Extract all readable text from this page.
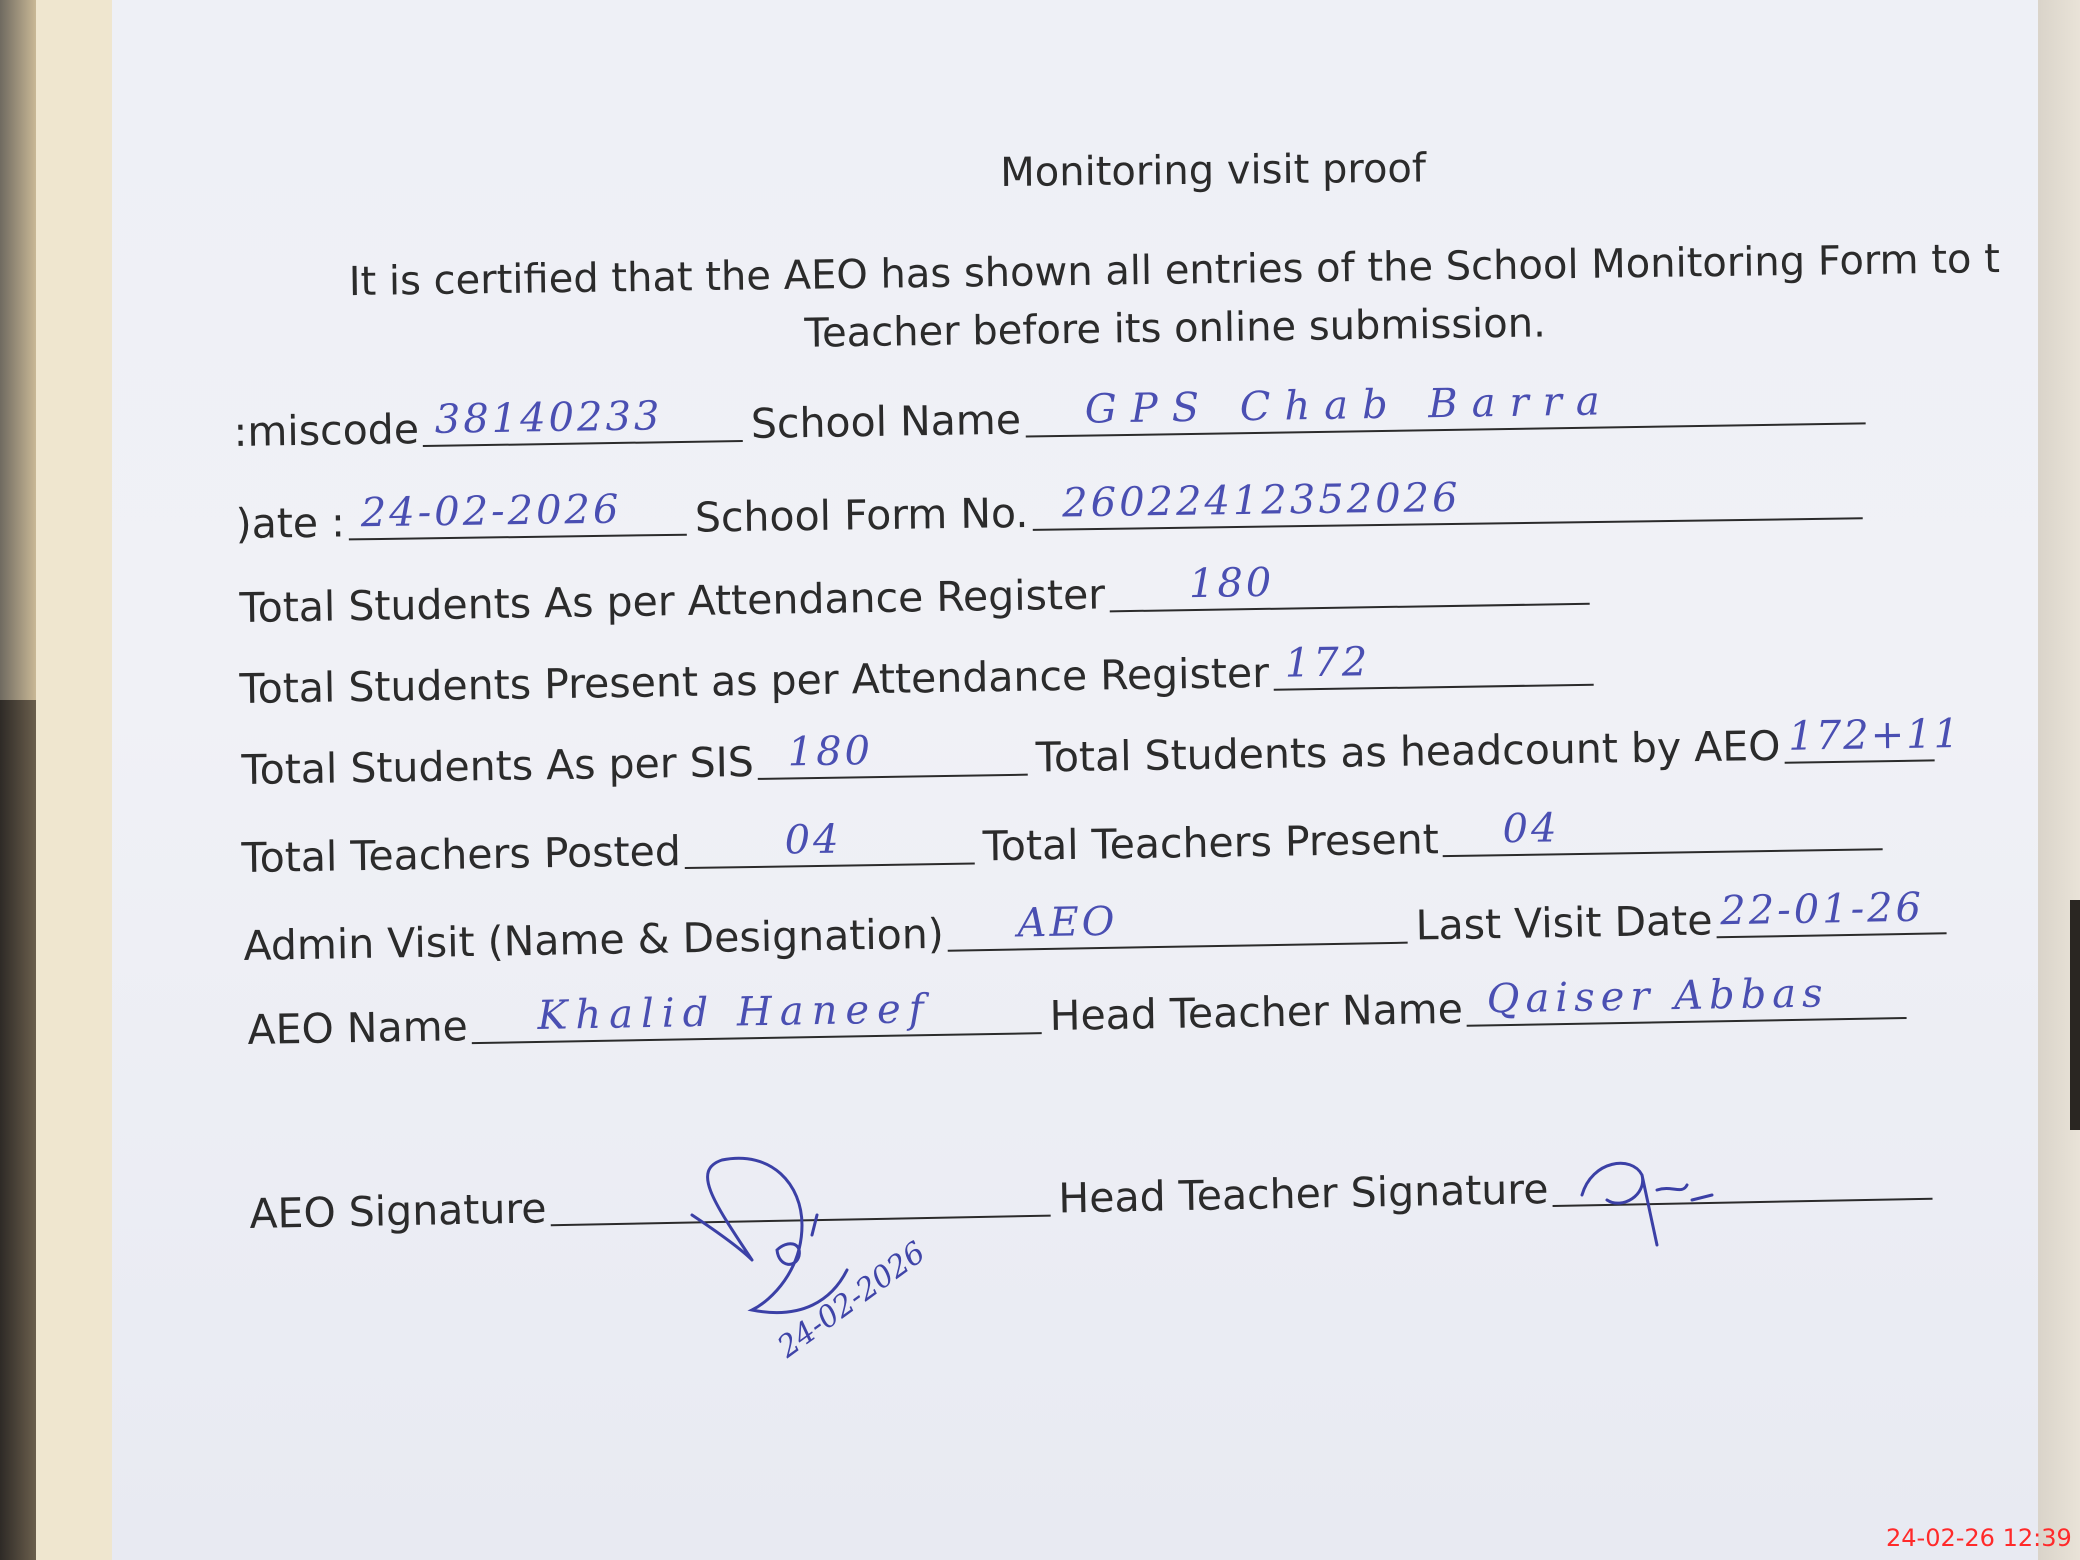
Monitoring visit proof
It is certified that the AEO has shown all entries of the School Monitoring Form to t
Teacher before its online submission.
:miscode 38140233 School Name GPS Chab Barra
)ate : 24-02-2026 School Form No. 26022412352026
Total Students As per Attendance Register 180
Total Students Present as per Attendance Register 172
Total Students As per SIS 180	Total Students as headcount by AEO 172+11
Total Teachers Posted	04	Total Teachers Present 04
Admin Visit (Name & Designation) AEO	Last Visit Date 22-01-26
AEO Name Khalid Haneef	Head Teacher Name Qaiser Abbas
AEO Signature	Head Teacher Signature
24-02-2026
24-02-26 12:39
